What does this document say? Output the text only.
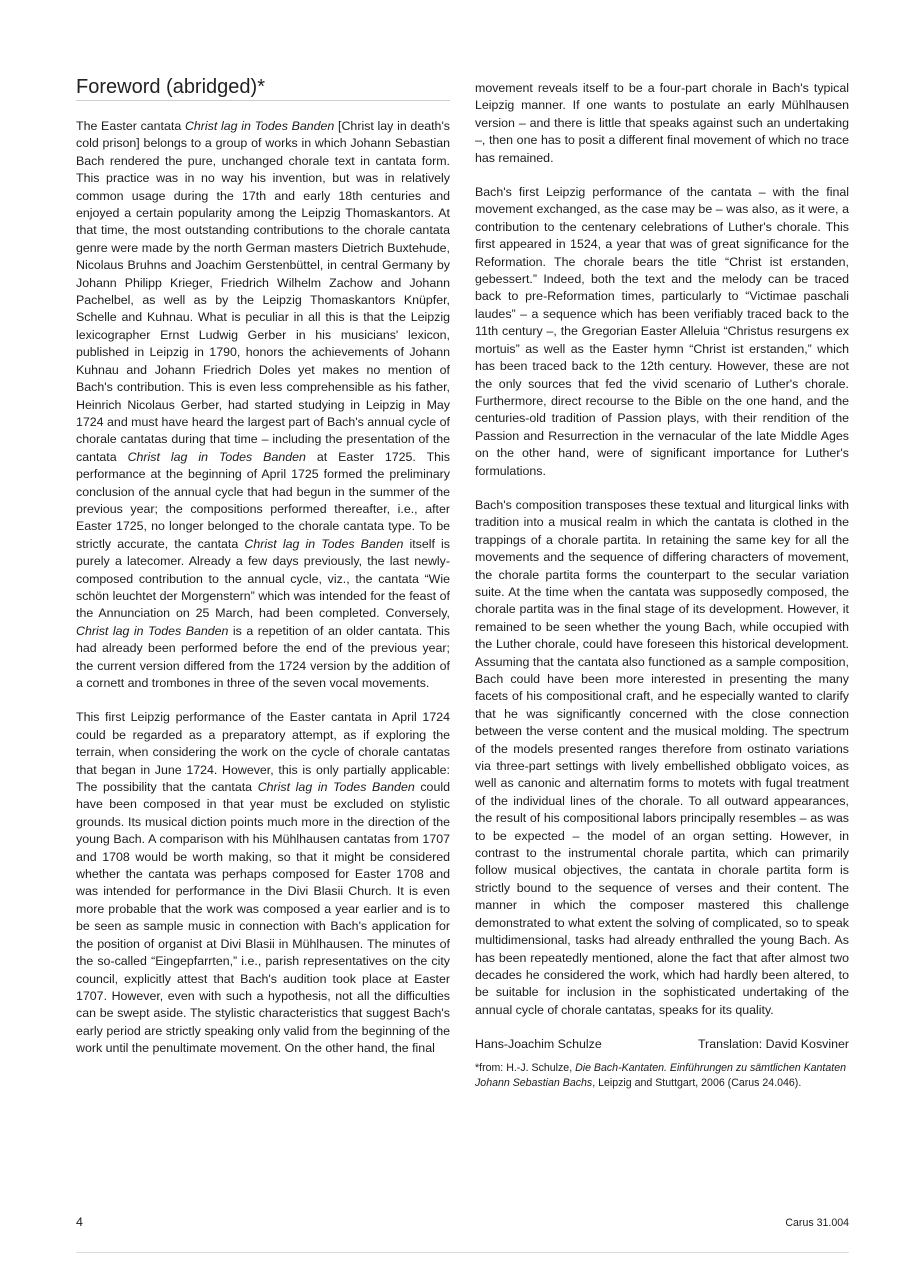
Foreword (abridged)*

The Easter cantata Christ lag in Todes Banden [Christ lay in death's cold prison] belongs to a group of works in which Johann Sebastian Bach rendered the pure, unchanged chorale text in cantata form. This practice was in no way his invention, but was in relatively common usage during the 17th and early 18th centuries and enjoyed a certain popularity among the Leipzig Thomaskantors. At that time, the most outstanding contributions to the chorale cantata genre were made by the north German masters Dietrich Buxtehude, Nicolaus Bruhns and Joachim Gerstenbüttel, in central Germany by Johann Philipp Krieger, Friedrich Wilhelm Zachow and Johann Pachelbel, as well as by the Leipzig Thomaskantors Knüpfer, Schelle and Kuhnau. What is peculiar in all this is that the Leipzig lexicographer Ernst Ludwig Gerber in his musicians' lexicon, published in Leipzig in 1790, honors the achievements of Johann Kuhnau and Johann Friedrich Doles yet makes no mention of Bach's contribution. This is even less comprehensible as his father, Heinrich Nicolaus Gerber, had started studying in Leipzig in May 1724 and must have heard the largest part of Bach's annual cycle of chorale cantatas during that time – including the presentation of the cantata Christ lag in Todes Banden at Easter 1725. This performance at the beginning of April 1725 formed the preliminary conclusion of the annual cycle that had begun in the summer of the previous year; the compositions performed thereafter, i.e., after Easter 1725, no longer belonged to the chorale cantata type. To be strictly accurate, the cantata Christ lag in Todes Banden itself is purely a latecomer. Already a few days previously, the last newly-composed contribution to the annual cycle, viz., the cantata “Wie schön leuchtet der Morgenstern” which was intended for the feast of the Annunciation on 25 March, had been completed. Conversely, Christ lag in Todes Banden is a repetition of an older cantata. This had already been performed before the end of the previous year; the current version differed from the 1724 version by the addition of a cornett and trombones in three of the seven vocal movements.

This first Leipzig performance of the Easter cantata in April 1724 could be regarded as a preparatory attempt, as if exploring the terrain, when considering the work on the cycle of chorale cantatas that began in June 1724. However, this is only partially applicable: The possibility that the cantata Christ lag in Todes Banden could have been composed in that year must be excluded on stylistic grounds. Its musical diction points much more in the direction of the young Bach. A comparison with his Mühlhausen cantatas from 1707 and 1708 would be worth making, so that it might be considered whether the cantata was perhaps composed for Easter 1708 and was intended for performance in the Divi Blasii Church. It is even more probable that the work was composed a year earlier and is to be seen as sample music in connection with Bach's application for the position of organist at Divi Blasii in Mühlhausen. The minutes of the so-called “Eingepfarrten,” i.e., parish representatives on the city council, explicitly attest that Bach's audition took place at Easter 1707. However, even with such a hypothesis, not all the difficulties can be swept aside. The stylistic characteristics that suggest Bach's early period are strictly speaking only valid from the beginning of the work until the penultimate movement. On the other hand, the final

movement reveals itself to be a four-part chorale in Bach's typical Leipzig manner. If one wants to postulate an early Mühlhausen version – and there is little that speaks against such an undertaking –, then one has to posit a different final movement of which no trace has remained.

Bach's first Leipzig performance of the cantata – with the final movement exchanged, as the case may be – was also, as it were, a contribution to the centenary celebrations of Luther's chorale. This first appeared in 1524, a year that was of great significance for the Reformation. The chorale bears the title “Christ ist erstanden, gebessert.” Indeed, both the text and the melody can be traced back to pre-Reformation times, particularly to “Victimae paschali laudes” – a sequence which has been verifiably traced back to the 11th century –, the Gregorian Easter Alleluia “Christus resurgens ex mortuis” as well as the Easter hymn “Christ ist erstanden,” which has been traced back to the 12th century. However, these are not the only sources that fed the vivid scenario of Luther's chorale. Furthermore, direct recourse to the Bible on the one hand, and the centuries-old tradition of Passion plays, with their rendition of the Passion and Resurrection in the vernacular of the late Middle Ages on the other hand, were of significant importance for Luther's formulations.

Bach's composition transposes these textual and liturgical links with tradition into a musical realm in which the cantata is clothed in the trappings of a chorale partita. In retaining the same key for all the movements and the sequence of differing characters of movement, the chorale partita forms the counterpart to the secular variation suite. At the time when the cantata was supposedly composed, the chorale partita was in the final stage of its development. However, it remained to be seen whether the young Bach, while occupied with the Luther chorale, could have foreseen this historical development. Assuming that the cantata also functioned as a sample composition, Bach could have been more interested in presenting the many facets of his compositional craft, and he especially wanted to clarify that he was significantly concerned with the close connection between the verse content and the musical molding. The spectrum of the models presented ranges therefore from ostinato variations via three-part settings with lively embellished obbligato voices, as well as canonic and alternatim forms to motets with fugal treatment of the individual lines of the chorale. To all outward appearances, the result of his compositional labors principally resembles – as was to be expected – the model of an organ setting. However, in contrast to the instrumental chorale partita, which can primarily follow musical objectives, the cantata in chorale partita form is strictly bound to the sequence of verses and their content. The manner in which the composer mastered this challenge demonstrated to what extent the solving of complicated, so to speak multidimensional, tasks had already enthralled the young Bach. As has been repeatedly mentioned, alone the fact that after almost two decades he considered the work, which had hardly been altered, to be suitable for inclusion in the sophisticated undertaking of the annual cycle of chorale cantatas, speaks for its quality.

Hans-Joachim Schulze	Translation: David Kosviner

*from: H.-J. Schulze, Die Bach-Kantaten. Einführungen zu sämtlichen Kantaten Johann Sebastian Bachs, Leipzig and Stuttgart, 2006 (Carus 24.046).

4	Carus 31.004
